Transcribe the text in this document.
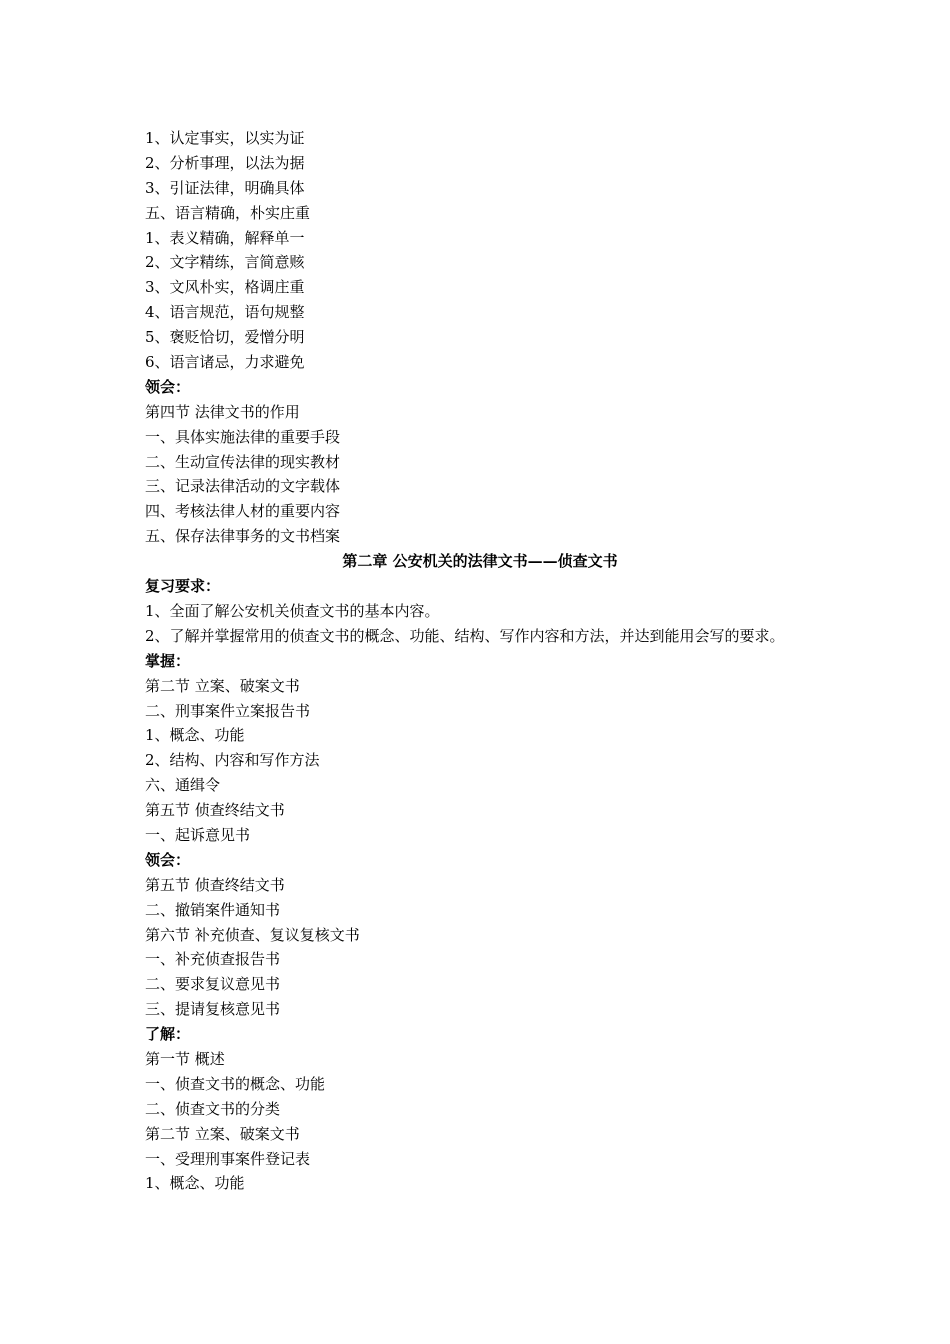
1、认定事实，以实为证
2、分析事理，以法为据
3、引证法律，明确具体
五、语言精确，朴实庄重
1、表义精确，解释单一
2、文字精练，言简意赅
3、文风朴实，格调庄重
4、语言规范，语句规整
5、褒贬恰切，爱憎分明
6、语言诸忌，力求避免
领会：
第四节 法律文书的作用
一、具体实施法律的重要手段
二、生动宣传法律的现实教材
三、记录法律活动的文字载体
四、考核法律人材的重要内容
五、保存法律事务的文书档案
第二章 公安机关的法律文书——侦查文书
复习要求：
1、全面了解公安机关侦查文书的基本内容。
2、了解并掌握常用的侦查文书的概念、功能、结构、写作内容和方法，并达到能用会写的要求。
掌握：
第二节 立案、破案文书
二、刑事案件立案报告书
1、概念、功能
2、结构、内容和写作方法
六、通缉令
第五节 侦查终结文书
一、起诉意见书
领会：
第五节 侦查终结文书
二、撤销案件通知书
第六节 补充侦查、复议复核文书
一、补充侦查报告书
二、要求复议意见书
三、提请复核意见书
了解：
第一节 概述
一、侦查文书的概念、功能
二、侦查文书的分类
第二节 立案、破案文书
一、受理刑事案件登记表
1、概念、功能
